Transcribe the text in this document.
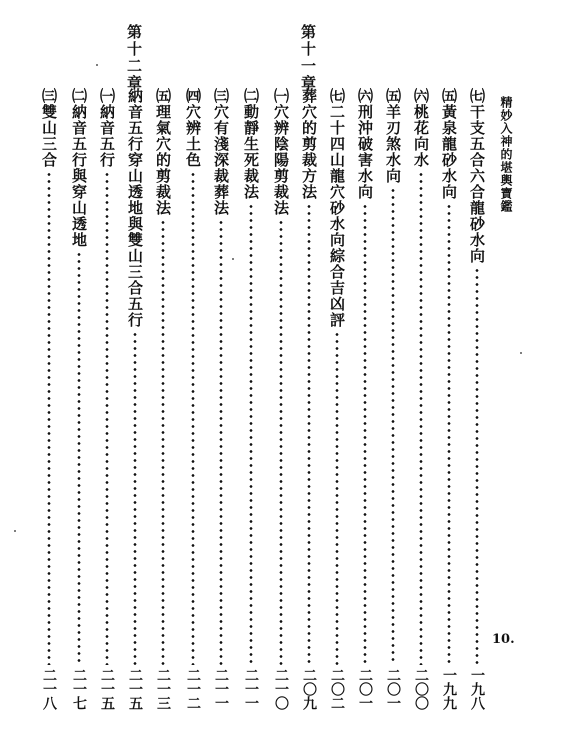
精妙入神的堪輿寶鑑
10.
第十一章
第十二章
㈦干支五合六合龍砂水向
一九八
㈤黃泉龍砂水向
一九九
㈥桃花向水
二〇〇
㈤羊刃煞水向
二〇一
㈥刑沖破害水向
二〇一
㈦二十四山龍穴砂水向綜合吉凶評
二〇二
葬穴的剪裁方法
二〇九
㈠穴辨陰陽剪裁法
二一〇
㈡動靜生死裁法
二一一
㈢穴有淺深裁葬法
二一一
㈣穴辨土色
二一二
㈤理氣穴的剪裁法
二一三
納音五行穿山透地與雙山三合五行
二一五
㈠納音五行
二一五
㈡納音五行與穿山透地
二一七
㈢雙山三合
二一八
